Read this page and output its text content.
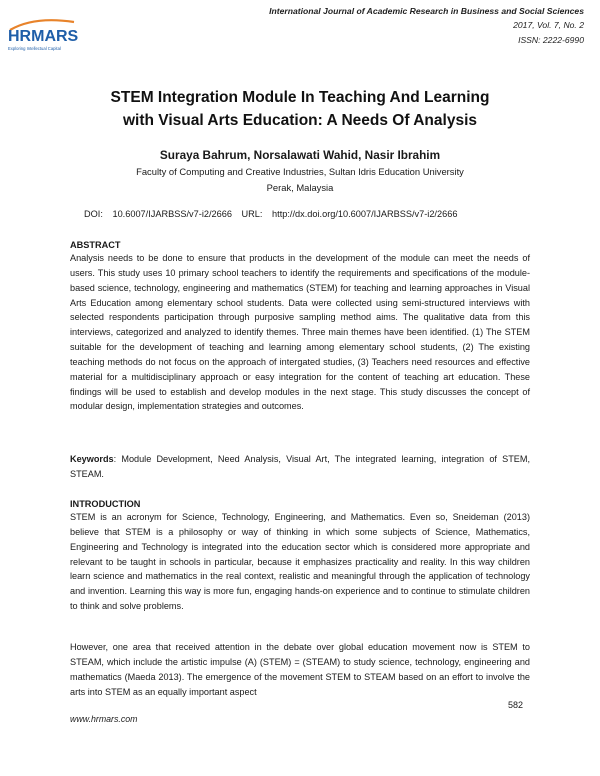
HRMARS
Exploring Intellectual Capital
International Journal of Academic Research in Business and Social Sciences
2017, Vol. 7, No. 2
ISSN: 2222-6990
STEM Integration Module In Teaching And Learning
with Visual Arts Education: A Needs Of Analysis
Suraya Bahrum, Norsalawati Wahid, Nasir Ibrahim
Faculty of Computing and Creative Industries, Sultan Idris Education University
Perak, Malaysia
DOI: 10.6007/IJARBSS/v7-i2/2666 URL: http://dx.doi.org/10.6007/IJARBSS/v7-i2/2666
ABSTRACT
Analysis needs to be done to ensure that products in the development of the module can meet the needs of users. This study uses 10 primary school teachers to identify the requirements and specifications of the module-based science, technology, engineering and mathematics (STEM) for teaching and learning approaches in Visual Arts Education among elementary school students. Data were collected using semi-structured interviews with selected respondents participation through purposive sampling method aims. The qualitative data from this interviews, categorized and analyzed to identify themes. Three main themes have been identified. (1) The STEM suitable for the development of teaching and learning among elementary school students, (2) The existing teaching methods do not focus on the approach of intergated studies, (3) Teachers need resources and effective material for a multidisciplinary approach or easy integration for the content of teaching art education. These findings will be used to establish and develop modules in the next stage. This study discusses the concept of modular design, implementation strategies and outcomes.
Keywords: Module Development, Need Analysis, Visual Art, The integrated learning, integration of STEM, STEAM.
INTRODUCTION
STEM is an acronym for Science, Technology, Engineering, and Mathematics. Even so, Sneideman (2013) believe that STEM is a philosophy or way of thinking in which some subjects of Science, Mathematics, Engineering and Technology is integrated into the education sector which is considered more appropriate and relevant to be taught in schools in particular, because it emphasizes practicality and reality. In this way children learn science and mathematics in the real context, realistic and meaningful through the application of technology and invention. Learning this way is more fun, engaging hands-on experience and to continue to stimulate children to think and solve problems.
However, one area that received attention in the debate over global education movement now is STEM to STEAM, which include the artistic impulse (A) (STEM) = (STEAM) to study science, technology, engineering and mathematics (Maeda 2013). The emergence of the movement STEM to STEAM based on an effort to involve the arts into STEM as an equally important aspect
582
www.hrmars.com
